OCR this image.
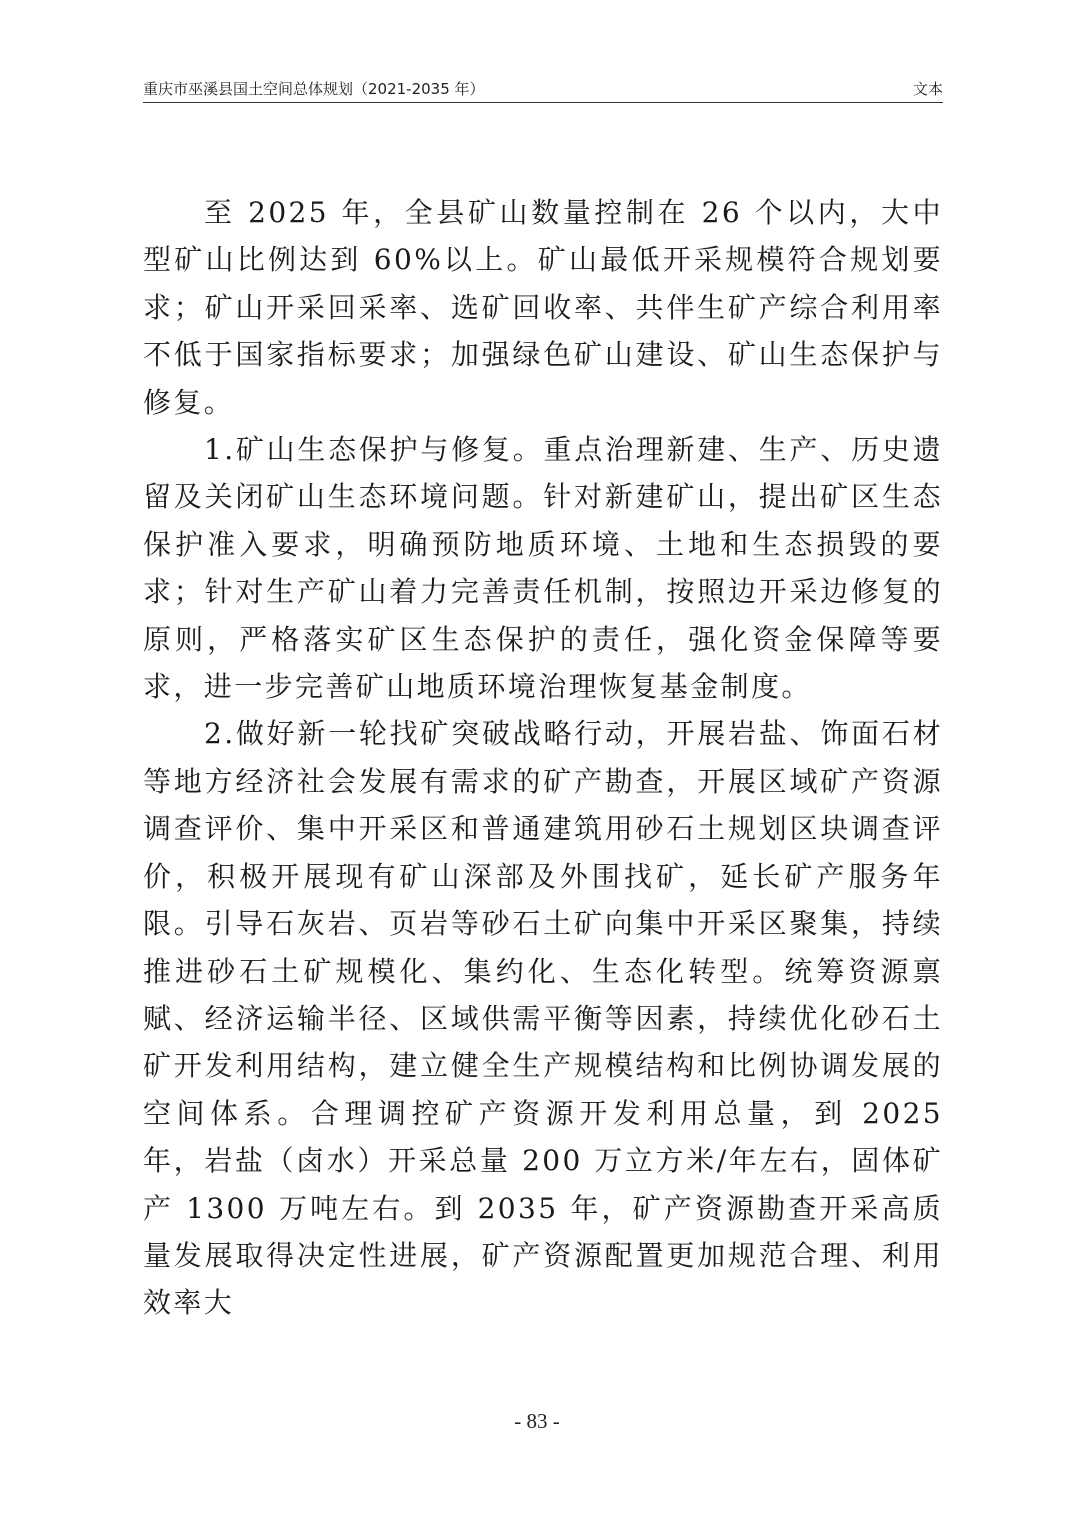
重庆市巫溪县国土空间总体规划（2021-2035 年）	文本

至 2025 年，全县矿山数量控制在 26 个以内，大中型矿山比例达到 60%以上。矿山最低开采规模符合规划要求；矿山开采回采率、选矿回收率、共伴生矿产综合利用率不低于国家指标要求；加强绿色矿山建设、矿山生态保护与修复。

1.矿山生态保护与修复。重点治理新建、生产、历史遗留及关闭矿山生态环境问题。针对新建矿山，提出矿区生态保护准入要求，明确预防地质环境、土地和生态损毁的要求；针对生产矿山着力完善责任机制，按照边开采边修复的原则，严格落实矿区生态保护的责任，强化资金保障等要求，进一步完善矿山地质环境治理恢复基金制度。

2.做好新一轮找矿突破战略行动，开展岩盐、饰面石材等地方经济社会发展有需求的矿产勘查，开展区域矿产资源调查评价、集中开采区和普通建筑用砂石土规划区块调查评价，积极开展现有矿山深部及外围找矿，延长矿产服务年限。引导石灰岩、页岩等砂石土矿向集中开采区聚集，持续推进砂石土矿规模化、集约化、生态化转型。统筹资源禀赋、经济运输半径、区域供需平衡等因素，持续优化砂石土矿开发利用结构，建立健全生产规模结构和比例协调发展的空间体系。合理调控矿产资源开发利用总量，到 2025 年，岩盐（卤水）开采总量 200 万立方米/年左右，固体矿产 1300 万吨左右。到 2035 年，矿产资源勘查开采高质量发展取得决定性进展，矿产资源配置更加规范合理、利用效率大

- 83 -
